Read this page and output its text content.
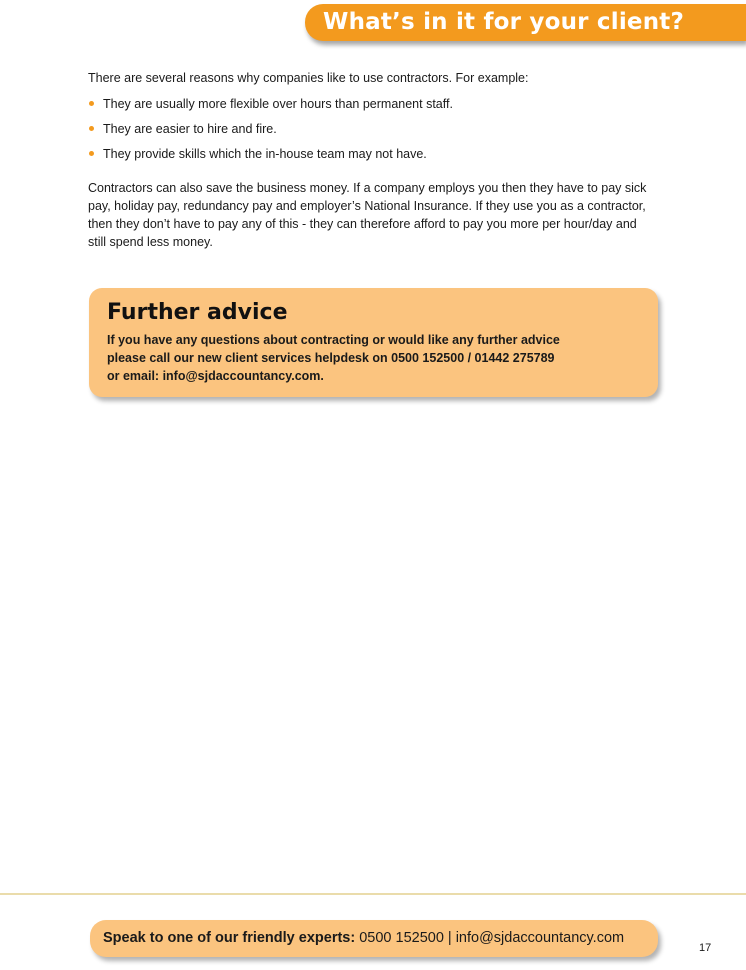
What’s in it for your client?

There are several reasons why companies like to use contractors. For example:

They are usually more flexible over hours than permanent staff.
They are easier to hire and fire.
They provide skills which the in-house team may not have.

Contractors can also save the business money. If a company employs you then they have to pay sick pay, holiday pay, redundancy pay and employer’s National Insurance. If they use you as a contractor, then they don’t have to pay any of this - they can therefore afford to pay you more per hour/day and still spend less money.

Further advice
If you have any questions about contracting or would like any further advice
please call our new client services helpdesk on 0500 152500 / 01442 275789
or email: info@sjdaccountancy.com.
Speak to one of our friendly experts: 0500 152500 | info@sjdaccountancy.com
17
